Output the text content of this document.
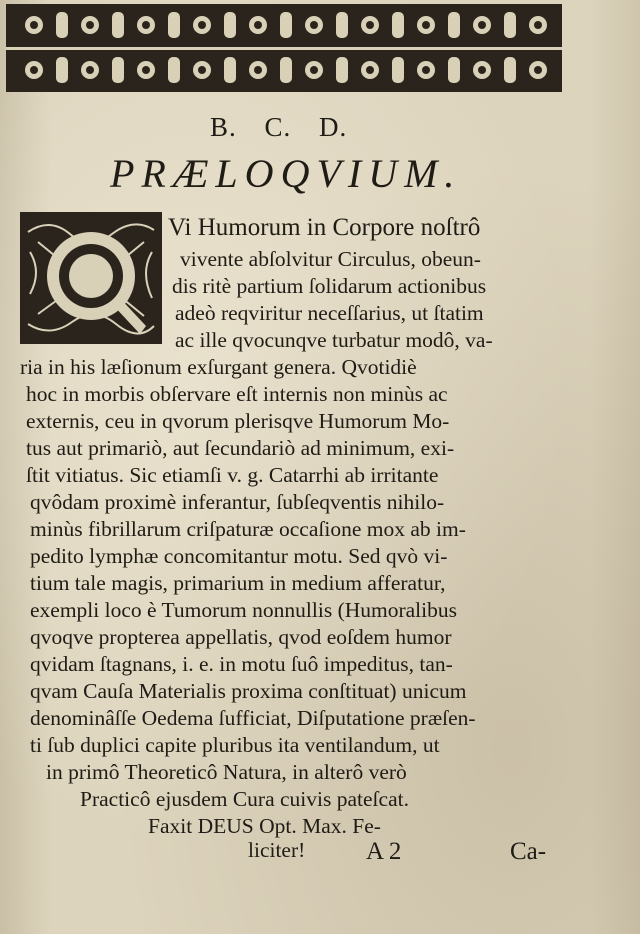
B. C. D.
PRÆLOQVIUM.
Vi Humorum in Corpore noſtrô
vivente abſolvitur Circulus, obeun-
dis ritè partium ſolidarum actionibus
adeò reqviritur neceſſarius, ut ſtatim
ac ille qvocunqve turbatur modô, va-
ria in his læſionum exſurgant genera. Qvotidiè
hoc in morbis obſervare eſt internis non minùs ac
externis, ceu in qvorum plerisqve Humorum Mo-
tus aut primariò, aut ſecundariò ad minimum, exi-
ſtit vitiatus. Sic etiamſi v. g. Catarrhi ab irritante
qvôdam proximè inferantur, ſubſeqventis nihilo-
minùs fibrillarum criſpaturæ occaſione mox ab im-
pedito lymphæ concomitantur motu. Sed qvò vi-
tium tale magis, primarium in medium afferatur,
exempli loco è Tumorum nonnullis (Humoralibus
qvoqve propterea appellatis, qvod eoſdem humor
qvidam ſtagnans, i. e. in motu ſuô impeditus, tan-
qvam Cauſa Materialis proxima conſtituat) unicum
denominâſſe Oedema ſufficiat, Diſputatione præſen-
ti ſub duplici capite pluribus ita ventilandum, ut
in primô Theoreticô Natura, in alterô verò
Practicô ejusdem Cura cuivis pateſcat.
Faxit DEUS Opt. Max. Fe-
liciter! A 2	Ca-
